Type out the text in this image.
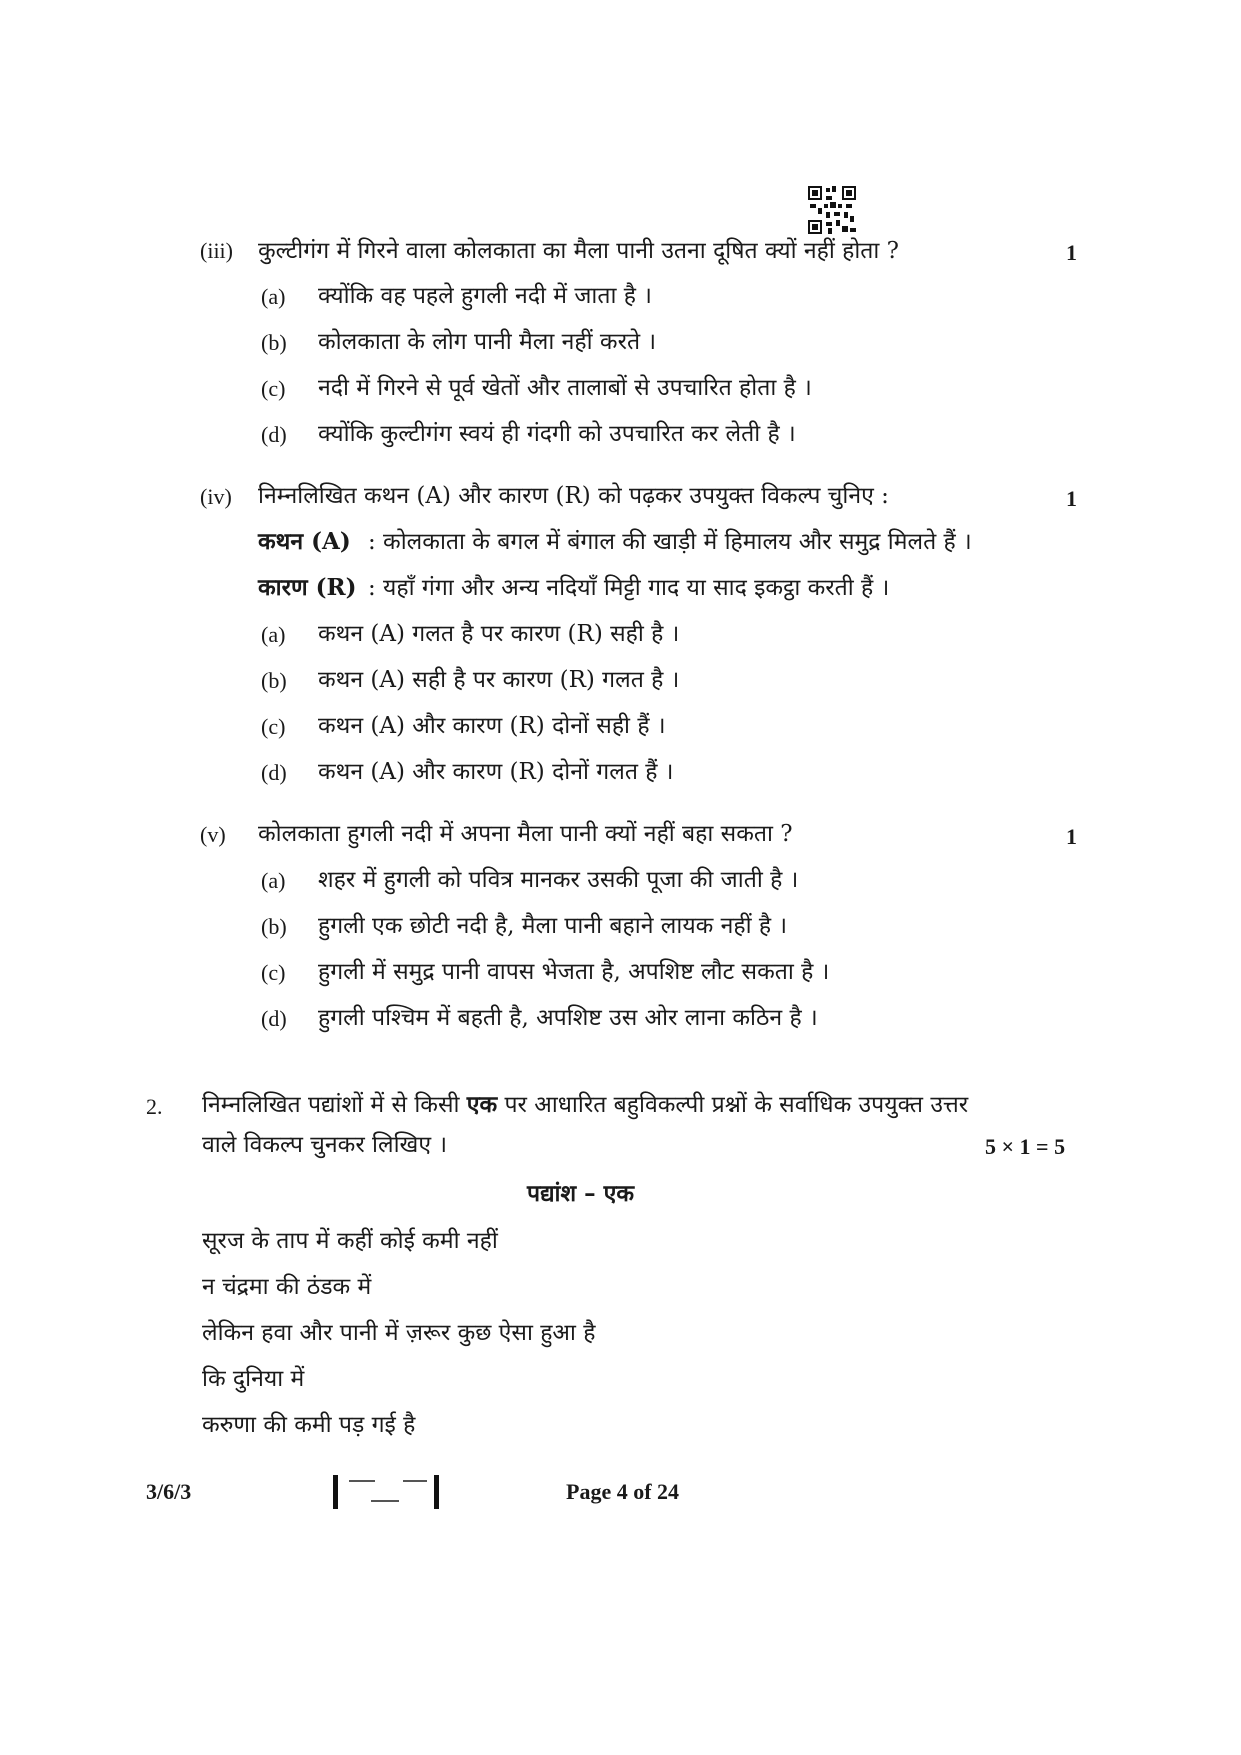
(iii) कुल्टीगंग में गिरने वाला कोलकाता का मैला पानी उतना दूषित क्यों नहीं होता ?	1
(a) क्योंकि वह पहले हुगली नदी में जाता है ।
(b) कोलकाता के लोग पानी मैला नहीं करते ।
(c) नदी में गिरने से पूर्व खेतों और तालाबों से उपचारित होता है ।
(d) क्योंकि कुल्टीगंग स्वयं ही गंदगी को उपचारित कर लेती है ।
(iv) निम्नलिखित कथन (A) और कारण (R) को पढ़कर उपयुक्त विकल्प चुनिए :	1
कथन (A) : कोलकाता के बगल में बंगाल की खाड़ी में हिमालय और समुद्र मिलते हैं ।
कारण (R) : यहाँ गंगा और अन्य नदियाँ मिट्टी गाद या साद इकट्ठा करती हैं ।
(a) कथन (A) गलत है पर कारण (R) सही है ।
(b) कथन (A) सही है पर कारण (R) गलत है ।
(c) कथन (A) और कारण (R) दोनों सही हैं ।
(d) कथन (A) और कारण (R) दोनों गलत हैं ।
(v) कोलकाता हुगली नदी में अपना मैला पानी क्यों नहीं बहा सकता ?	1
(a) शहर में हुगली को पवित्र मानकर उसकी पूजा की जाती है ।
(b) हुगली एक छोटी नदी है, मैला पानी बहाने लायक नहीं है ।
(c) हुगली में समुद्र पानी वापस भेजता है, अपशिष्ट लौट सकता है ।
(d) हुगली पश्चिम में बहती है, अपशिष्ट उस ओर लाना कठिन है ।
2. निम्नलिखित पद्यांशों में से किसी एक पर आधारित बहुविकल्पी प्रश्नों के सर्वाधिक उपयुक्त उत्तर
वाले विकल्प चुनकर लिखिए ।	5 × 1 = 5
पद्यांश – एक
सूरज के ताप में कहीं कोई कमी नहीं
न चंद्रमा की ठंडक में
लेकिन हवा और पानी में ज़रूर कुछ ऐसा हुआ है
कि दुनिया में
करुणा की कमी पड़ गई है
3/6/3	Page 4 of 24
